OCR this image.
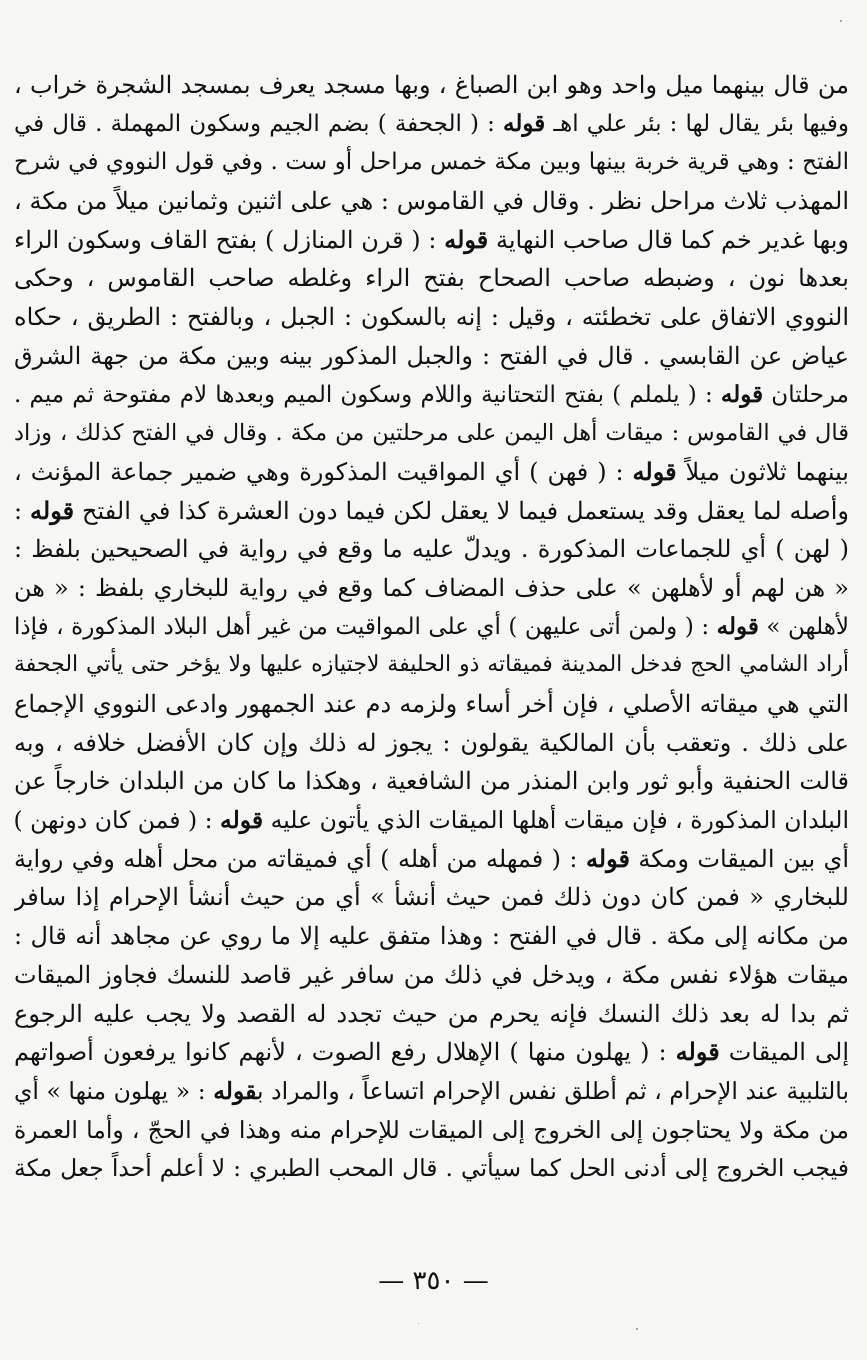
من قال بينهما ميل واحد وهو ابن الصباغ ، وبها مسجد يعرف بمسجد الشجرة خراب ،
وفيها بئر يقال لها : بئر علي اهـ قوله : ( الجحفة ) بضم الجيم وسكون المهملة . قال في
الفتح : وهي قرية خربة بينها وبين مكة خمس مراحل أو ست . وفي قول النووي في شرح
المهذب ثلاث مراحل نظر . وقال في القاموس : هي على اثنين وثمانين ميلاً من مكة ،
وبها غدير خم كما قال صاحب النهاية قوله : ( قرن المنازل ) بفتح القاف وسكون الراء
بعدها نون ، وضبطه صاحب الصحاح بفتح الراء وغلطه صاحب القاموس ، وحكى
النووي الاتفاق على تخطئته ، وقيل : إنه بالسكون : الجبل ، وبالفتح : الطريق ، حكاه
عياض عن القابسي . قال في الفتح : والجبل المذكور بينه وبين مكة من جهة الشرق
مرحلتان قوله : ( يلملم ) بفتح التحتانية واللام وسكون الميم وبعدها لام مفتوحة ثم ميم .
قال في القاموس : ميقات أهل اليمن على مرحلتين من مكة . وقال في الفتح كذلك ، وزاد
بينهما ثلاثون ميلاً قوله : ( فهن ) أي المواقيت المذكورة وهي ضمير جماعة المؤنث ،
وأصله لما يعقل وقد يستعمل فيما لا يعقل لكن فيما دون العشرة كذا في الفتح قوله :
( لهن ) أي للجماعات المذكورة . ويدلّ عليه ما وقع في رواية في الصحيحين بلفظ :
« هن لهم أو لأهلهن » على حذف المضاف كما وقع في رواية للبخاري بلفظ : « هن
لأهلهن » قوله : ( ولمن أتى عليهن ) أي على المواقيت من غير أهل البلاد المذكورة ، فإذا
أراد الشامي الحج فدخل المدينة فميقاته ذو الحليفة لاجتيازه عليها ولا يؤخر حتى يأتي الجحفة
التي هي ميقاته الأصلي ، فإن أخر أساء ولزمه دم عند الجمهور وادعى النووي الإجماع
على ذلك . وتعقب بأن المالكية يقولون : يجوز له ذلك وإن كان الأفضل خلافه ، وبه
قالت الحنفية وأبو ثور وابن المنذر من الشافعية ، وهكذا ما كان من البلدان خارجاً عن
البلدان المذكورة ، فإن ميقات أهلها الميقات الذي يأتون عليه قوله : ( فمن كان دونهن )
أي بين الميقات ومكة قوله : ( فمهله من أهله ) أي فميقاته من محل أهله وفي رواية
للبخاري « فمن كان دون ذلك فمن حيث أنشأ » أي من حيث أنشأ الإحرام إذا سافر
من مكانه إلى مكة . قال في الفتح : وهذا متفق عليه إلا ما روي عن مجاهد أنه قال :
ميقات هؤلاء نفس مكة ، ويدخل في ذلك من سافر غير قاصد للنسك فجاوز الميقات
ثم بدا له بعد ذلك النسك فإنه يحرم من حيث تجدد له القصد ولا يجب عليه الرجوع
إلى الميقات قوله : ( يهلون منها ) الإهلال رفع الصوت ، لأنهم كانوا يرفعون أصواتهم
بالتلبية عند الإحرام ، ثم أطلق نفس الإحرام اتساعاً ، والمراد بقوله : « يهلون منها » أي
من مكة ولا يحتاجون إلى الخروج إلى الميقات للإحرام منه وهذا في الحجّ ، وأما العمرة
فيجب الخروج إلى أدنى الحل كما سيأتي . قال المحب الطبري : لا أعلم أحداً جعل مكة
— ٣٥٠ —
